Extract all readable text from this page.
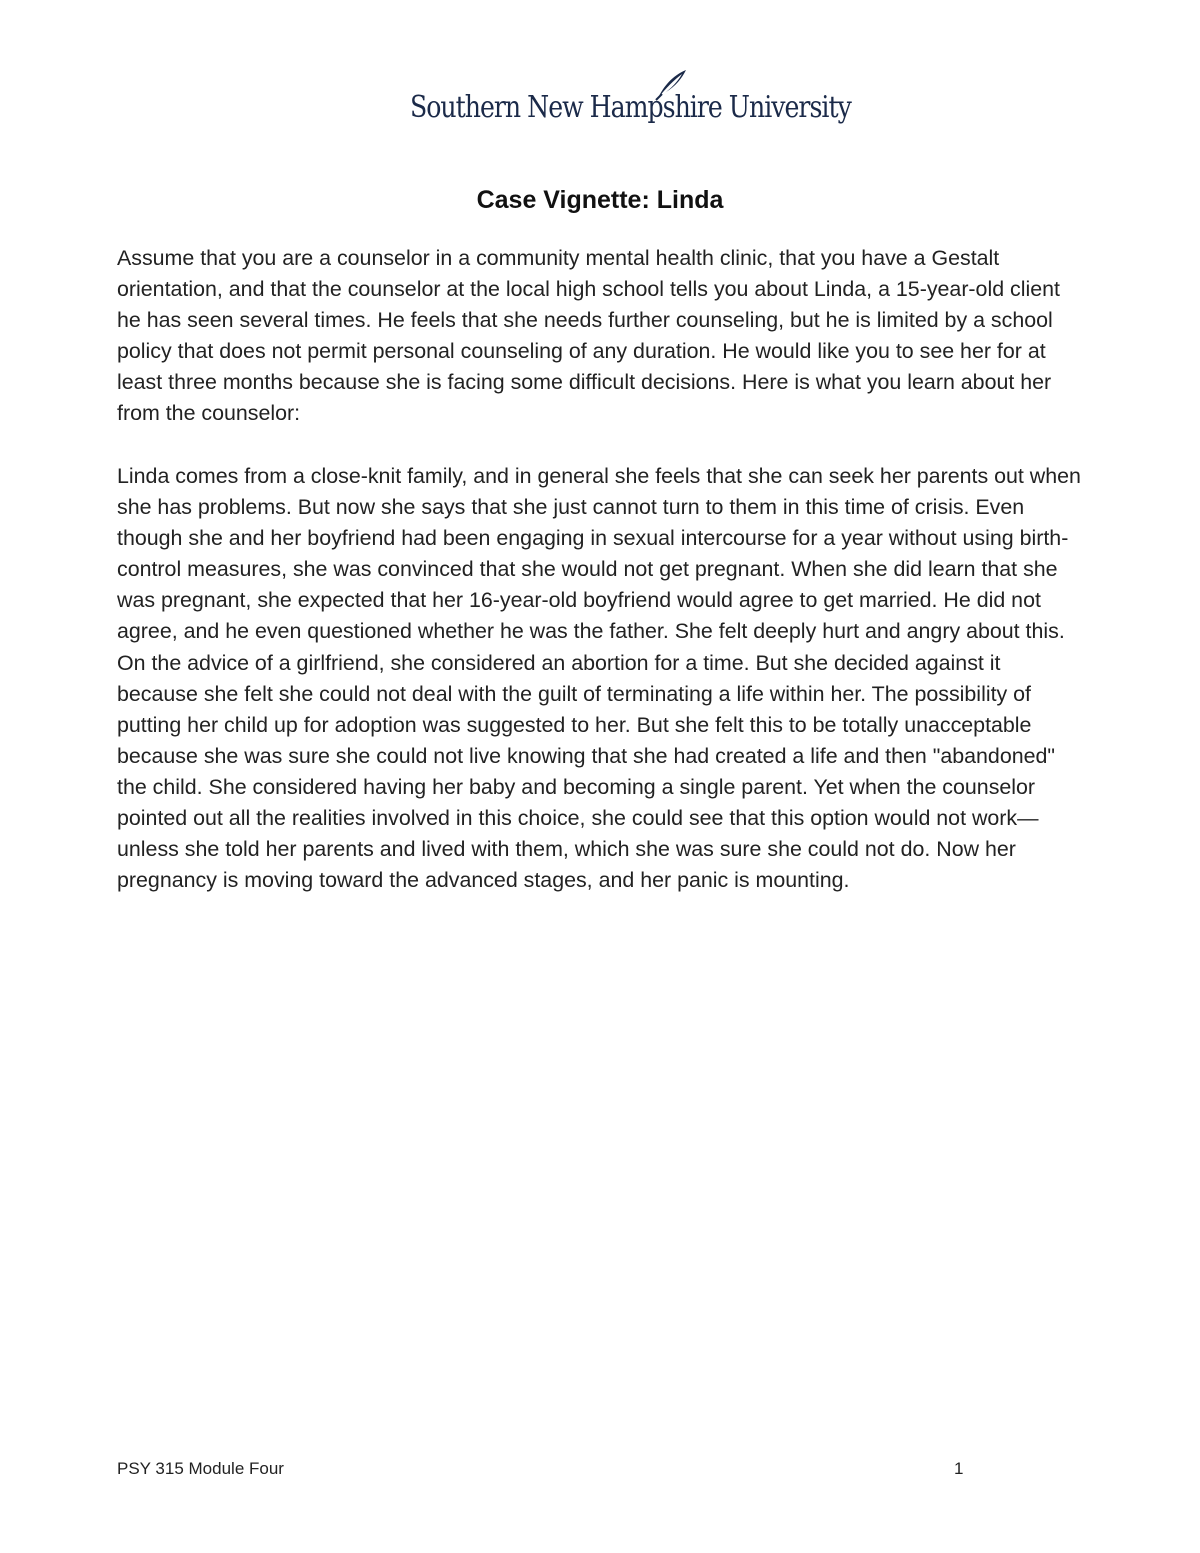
Southern New Hampshire University
Case Vignette: Linda

Assume that you are a counselor in a community mental health clinic, that you have a Gestalt orientation, and that the counselor at the local high school tells you about Linda, a 15-year-old client he has seen several times. He feels that she needs further counseling, but he is limited by a school policy that does not permit personal counseling of any duration. He would like you to see her for at least three months because she is facing some difficult decisions. Here is what you learn about her from the counselor:

Linda comes from a close-knit family, and in general she feels that she can seek her parents out when she has problems. But now she says that she just cannot turn to them in this time of crisis. Even though she and her boyfriend had been engaging in sexual intercourse for a year without using birth-control measures, she was convinced that she would not get pregnant. When she did learn that she was pregnant, she expected that her 16-year-old boyfriend would agree to get married. He did not agree, and he even questioned whether he was the father. She felt deeply hurt and angry about this. On the advice of a girlfriend, she considered an abortion for a time. But she decided against it because she felt she could not deal with the guilt of terminating a life within her. The possibility of putting her child up for adoption was suggested to her. But she felt this to be totally unacceptable because she was sure she could not live knowing that she had created a life and then "abandoned" the child. She considered having her baby and becoming a single parent. Yet when the counselor pointed out all the realities involved in this choice, she could see that this option would not work—unless she told her parents and lived with them, which she was sure she could not do. Now her pregnancy is moving toward the advanced stages, and her panic is mounting.

PSY 315 Module Four	1
